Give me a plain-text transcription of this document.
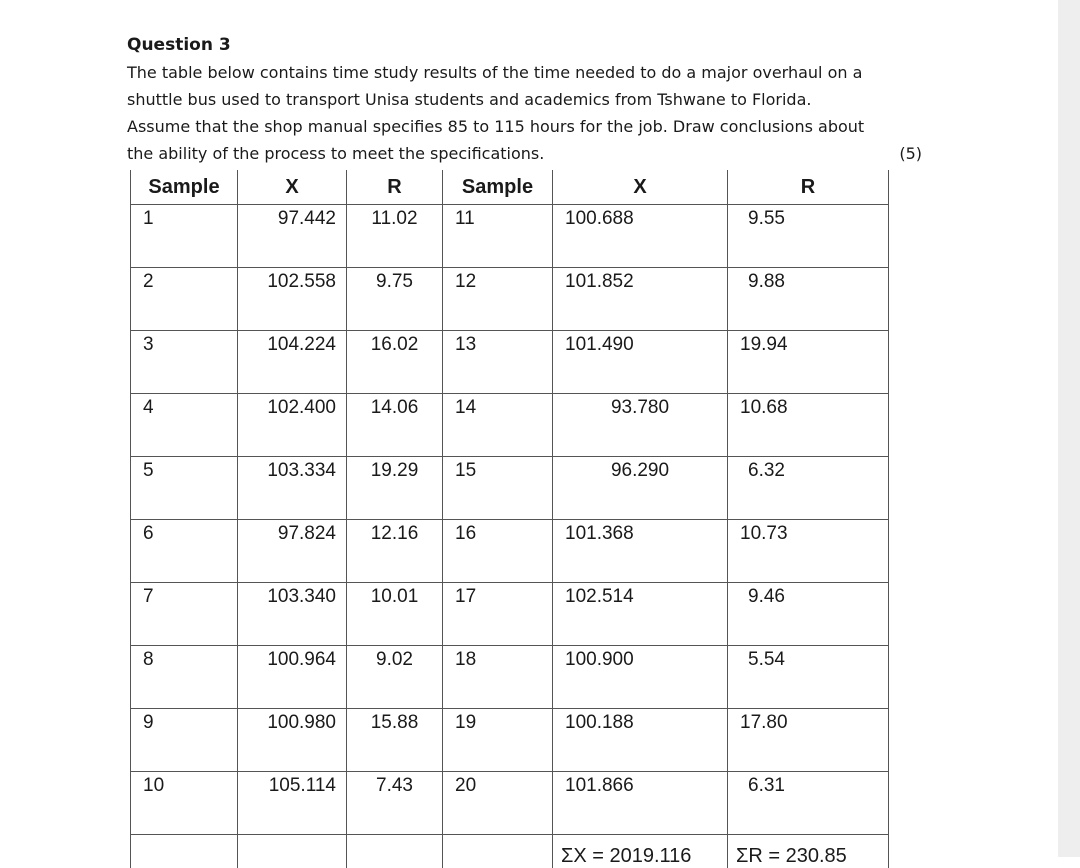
Question 3
The table below contains time study results of the time needed to do a major overhaul on a
shuttle bus used to transport Unisa students and academics from Tshwane to Florida.
Assume that the shop manual specifies 85 to 115 hours for the job. Draw conclusions about
the ability of the process to meet the specifications.	(5)
Sample	X	R	Sample	X	R
1	97.442	11.02	11	100.688	9.55
2	102.558	9.75	12	101.852	9.88
3	104.224	16.02	13	101.490	19.94
4	102.400	14.06	14	93.780	10.68
5	103.334	19.29	15	96.290	6.32
6	97.824	12.16	16	101.368	10.73
7	103.340	10.01	17	102.514	9.46
8	100.964	9.02	18	100.900	5.54
9	100.980	15.88	19	100.188	17.80
10	105.114	7.43	20	101.866	6.31
				ΣX = 2019.116	ΣR = 230.85
